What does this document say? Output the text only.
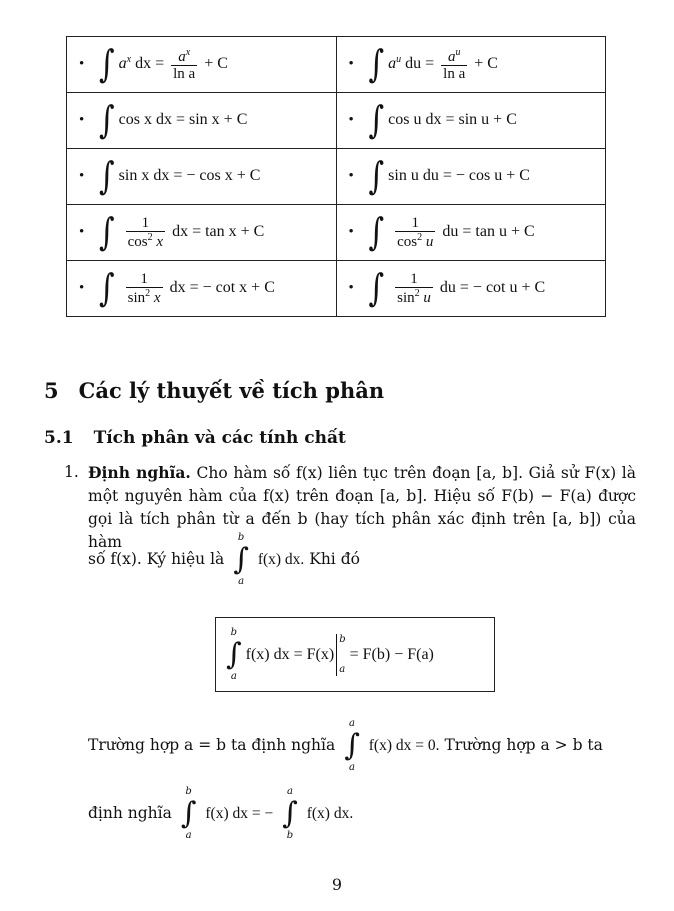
• ∫ $a^x$ dx = $\frac{a^x}{\text{ln a}} + C$	• ∫ $a^u$ du = $\frac{a^u}{\text{ln a}} + C$
• ∫ cos x dx = sin x + C	• ∫ cos u dx = sin u + C
• ∫ sin x dx = − cos x + C	• ∫ sin u du = − cos u + C
• ∫ $\frac{1}{\cos^2 x}$ dx = tan x + C	• ∫ $\frac{1}{\cos^2 u}$ du = tan u + C
• ∫ $\frac{1}{\sin^2 x}$ dx = − cot x + C	• ∫ $\frac{1}{\sin^2 u}$ du = − cot u + C
5 Các lý thuyết về tích phân
5.1 Tích phân và các tính chất
1. Định nghĩa. Cho hàm số f(x) liên tục trên đoạn [a, b]. Giả sử F(x) là một nguyên hàm của f(x) trên đoạn [a, b]. Hiệu số F(b) − F(a) được gọi là tích phân từ a đến b (hay tích phân xác định trên [a, b]) của hàm
số f(x). Ký hiệu là
b
∫
a
f(x) dx. Khi đó
b
∫
a
f(x) dx = F(x)
b
a
= F(b) − F(a)
Trường hợp a = b ta định nghĩa
a
∫
a
f(x) dx = 0. Trường hợp a > b ta
định nghĩa
b
∫
a
f(x) dx = −
a
∫
b
f(x) dx.
9
